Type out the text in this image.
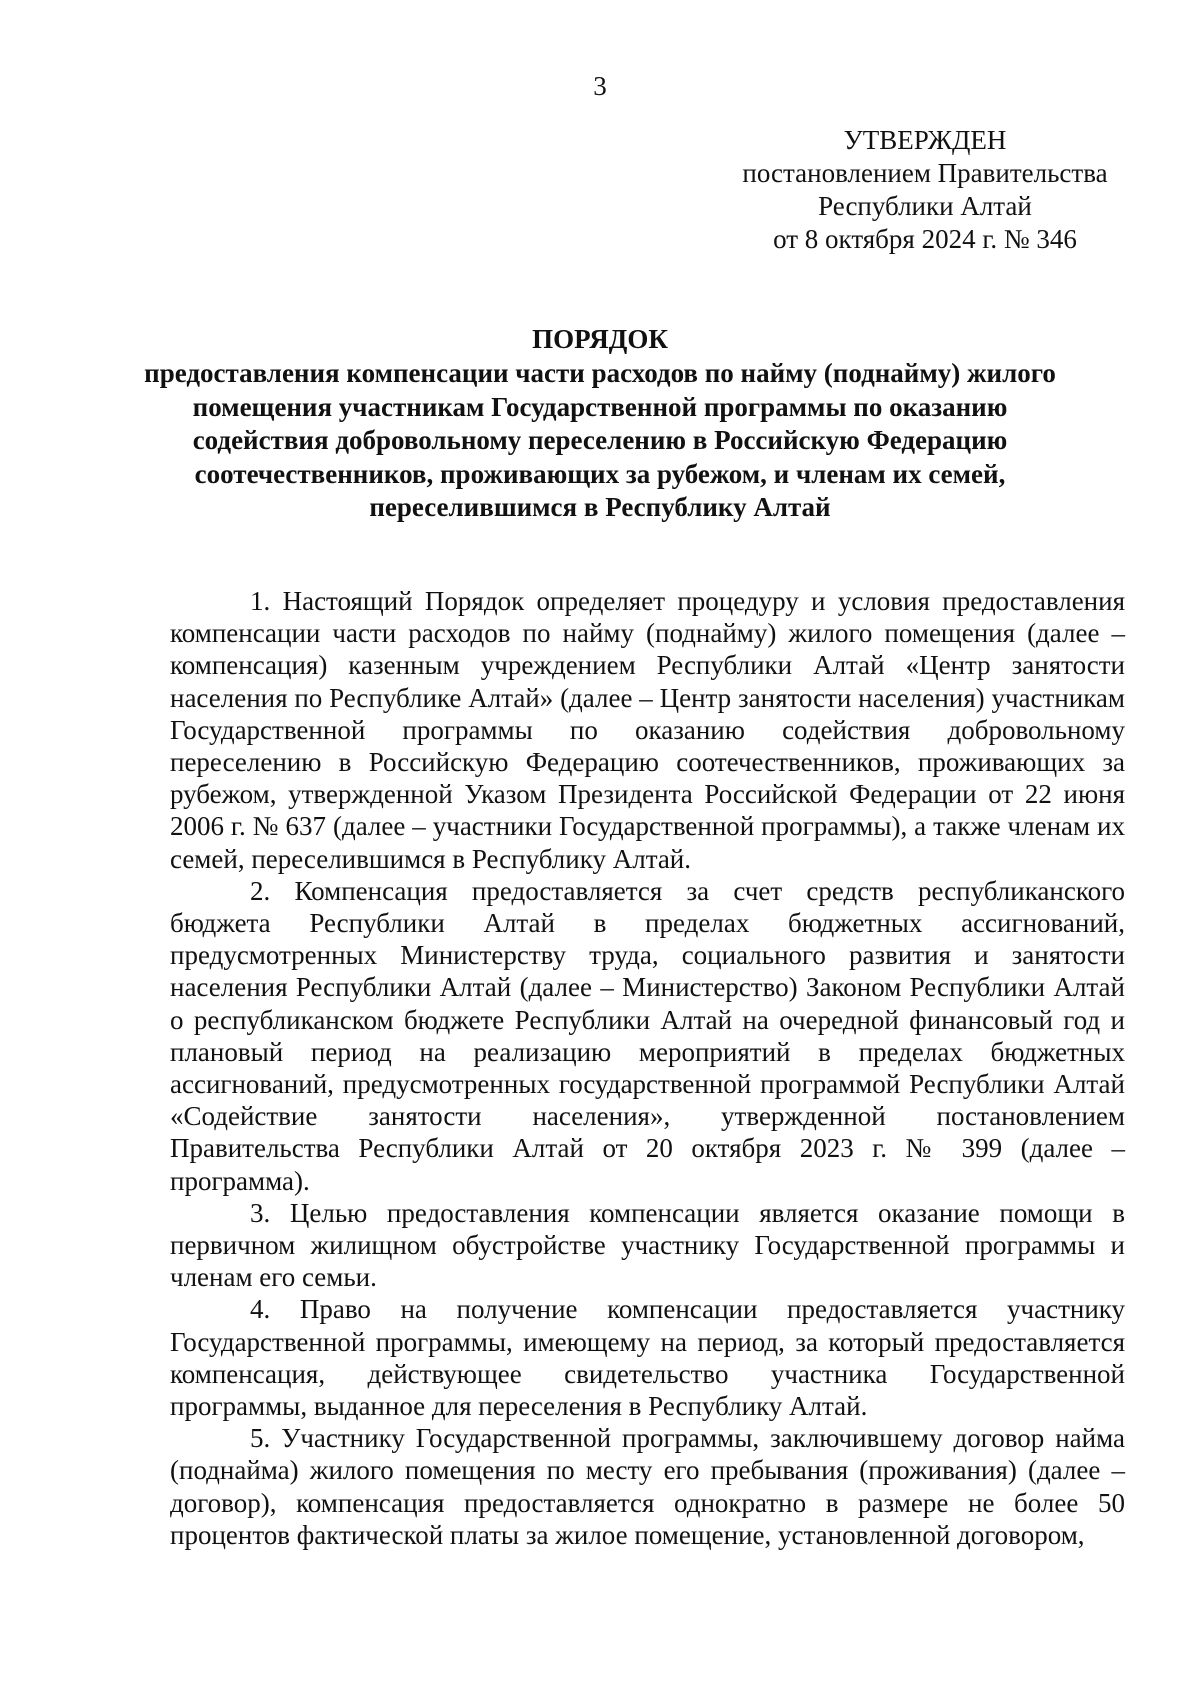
3
УТВЕРЖДЕН
постановлением Правительства
Республики Алтай
от 8 октября 2024 г. № 346
ПОРЯДОК
предоставления компенсации части расходов по найму (поднайму) жилого
помещения участникам Государственной программы по оказанию
содействия добровольному переселению в Российскую Федерацию
соотечественников, проживающих за рубежом, и членам их семей,
переселившимся в Республику Алтай

1. Настоящий Порядок определяет процедуру и условия предоставления компенсации части расходов по найму (поднайму) жилого помещения (далее – компенсация) казенным учреждением Республики Алтай «Центр занятости населения по Республике Алтай» (далее – Центр занятости населения) участникам Государственной программы по оказанию содействия добровольному переселению в Российскую Федерацию соотечественников, проживающих за рубежом, утвержденной Указом Президента Российской Федерации от 22 июня 2006 г. № 637 (далее – участники Государственной программы), а также членам их семей, переселившимся в Республику Алтай.

2. Компенсация предоставляется за счет средств республиканского бюджета Республики Алтай в пределах бюджетных ассигнований, предусмотренных Министерству труда, социального развития и занятости населения Республики Алтай (далее – Министерство) Законом Республики Алтай о республиканском бюджете Республики Алтай на очередной финансовый год и плановый период на реализацию мероприятий в пределах бюджетных ассигнований, предусмотренных государственной программой Республики Алтай «Содействие занятости населения», утвержденной постановлением Правительства Республики Алтай от 20 октября 2023 г. № 399 (далее – программа).

3. Целью предоставления компенсации является оказание помощи в первичном жилищном обустройстве участнику Государственной программы и членам его семьи.

4. Право на получение компенсации предоставляется участнику Государственной программы, имеющему на период, за который предоставляется компенсация, действующее свидетельство участника Государственной программы, выданное для переселения в Республику Алтай.

5. Участнику Государственной программы, заключившему договор найма (поднайма) жилого помещения по месту его пребывания (проживания) (далее – договор), компенсация предоставляется однократно в размере не более 50 процентов фактической платы за жилое помещение, установленной договором,
